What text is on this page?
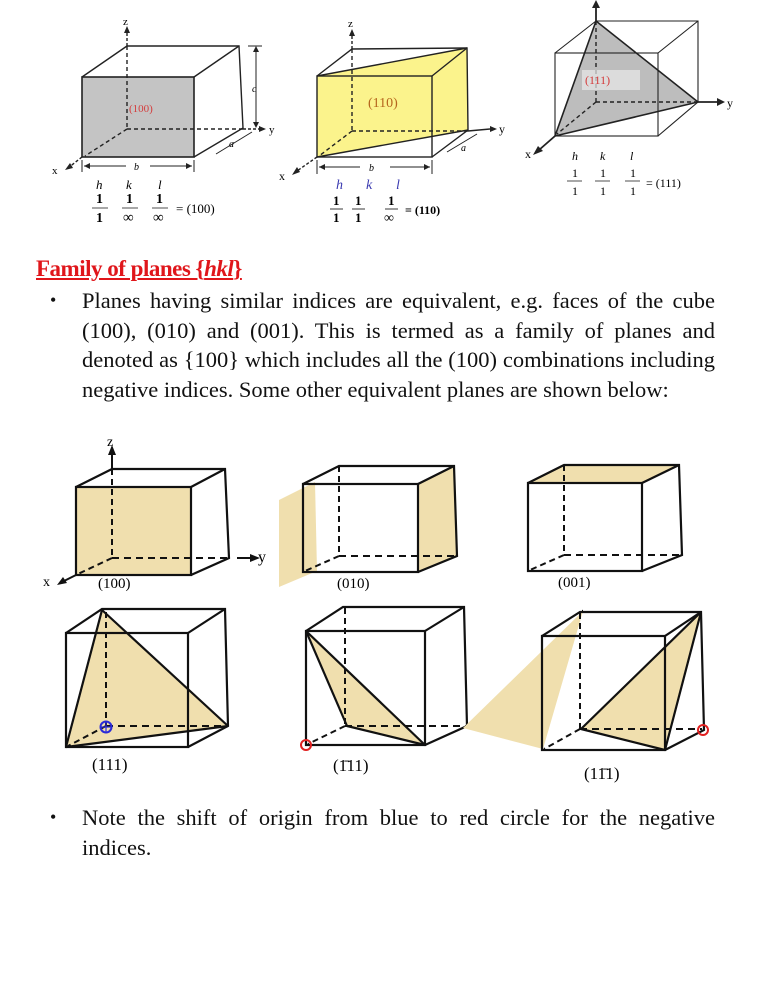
z
x
y
c
b
a
(100)
h k l
1 1 1
1 ∞ ∞
= (100)
z
x
y
b
a
(110)
h k l
1 1 1
1 1 ∞
= (110)
x
y
(111)
h k l
1 1 1
1 1 1
= (111)
Family of planes {hkl}
• Planes having similar indices are equivalent, e.g. faces of the cube (100), (010) and (001). This is termed as a family of planes and denoted as {100} which includes all the (100) combinations including negative indices. Some other equivalent planes are shown below:
z
x
y
(100)	(010)	(001)
(111)	(1̄11)	(11̄1)
• Note the shift of origin from blue to red circle for the negative indices.
